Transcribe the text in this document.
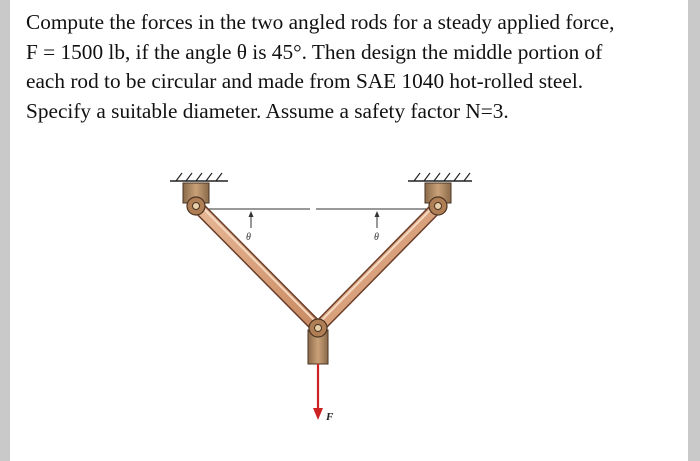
Compute the forces in the two angled rods for a steady applied force,
F = 1500 lb, if the angle θ is 45°. Then design the middle portion of
each rod to be circular and made from SAE 1040 hot-rolled steel.
Specify a suitable diameter. Assume a safety factor N=3.

θ	θ
F
